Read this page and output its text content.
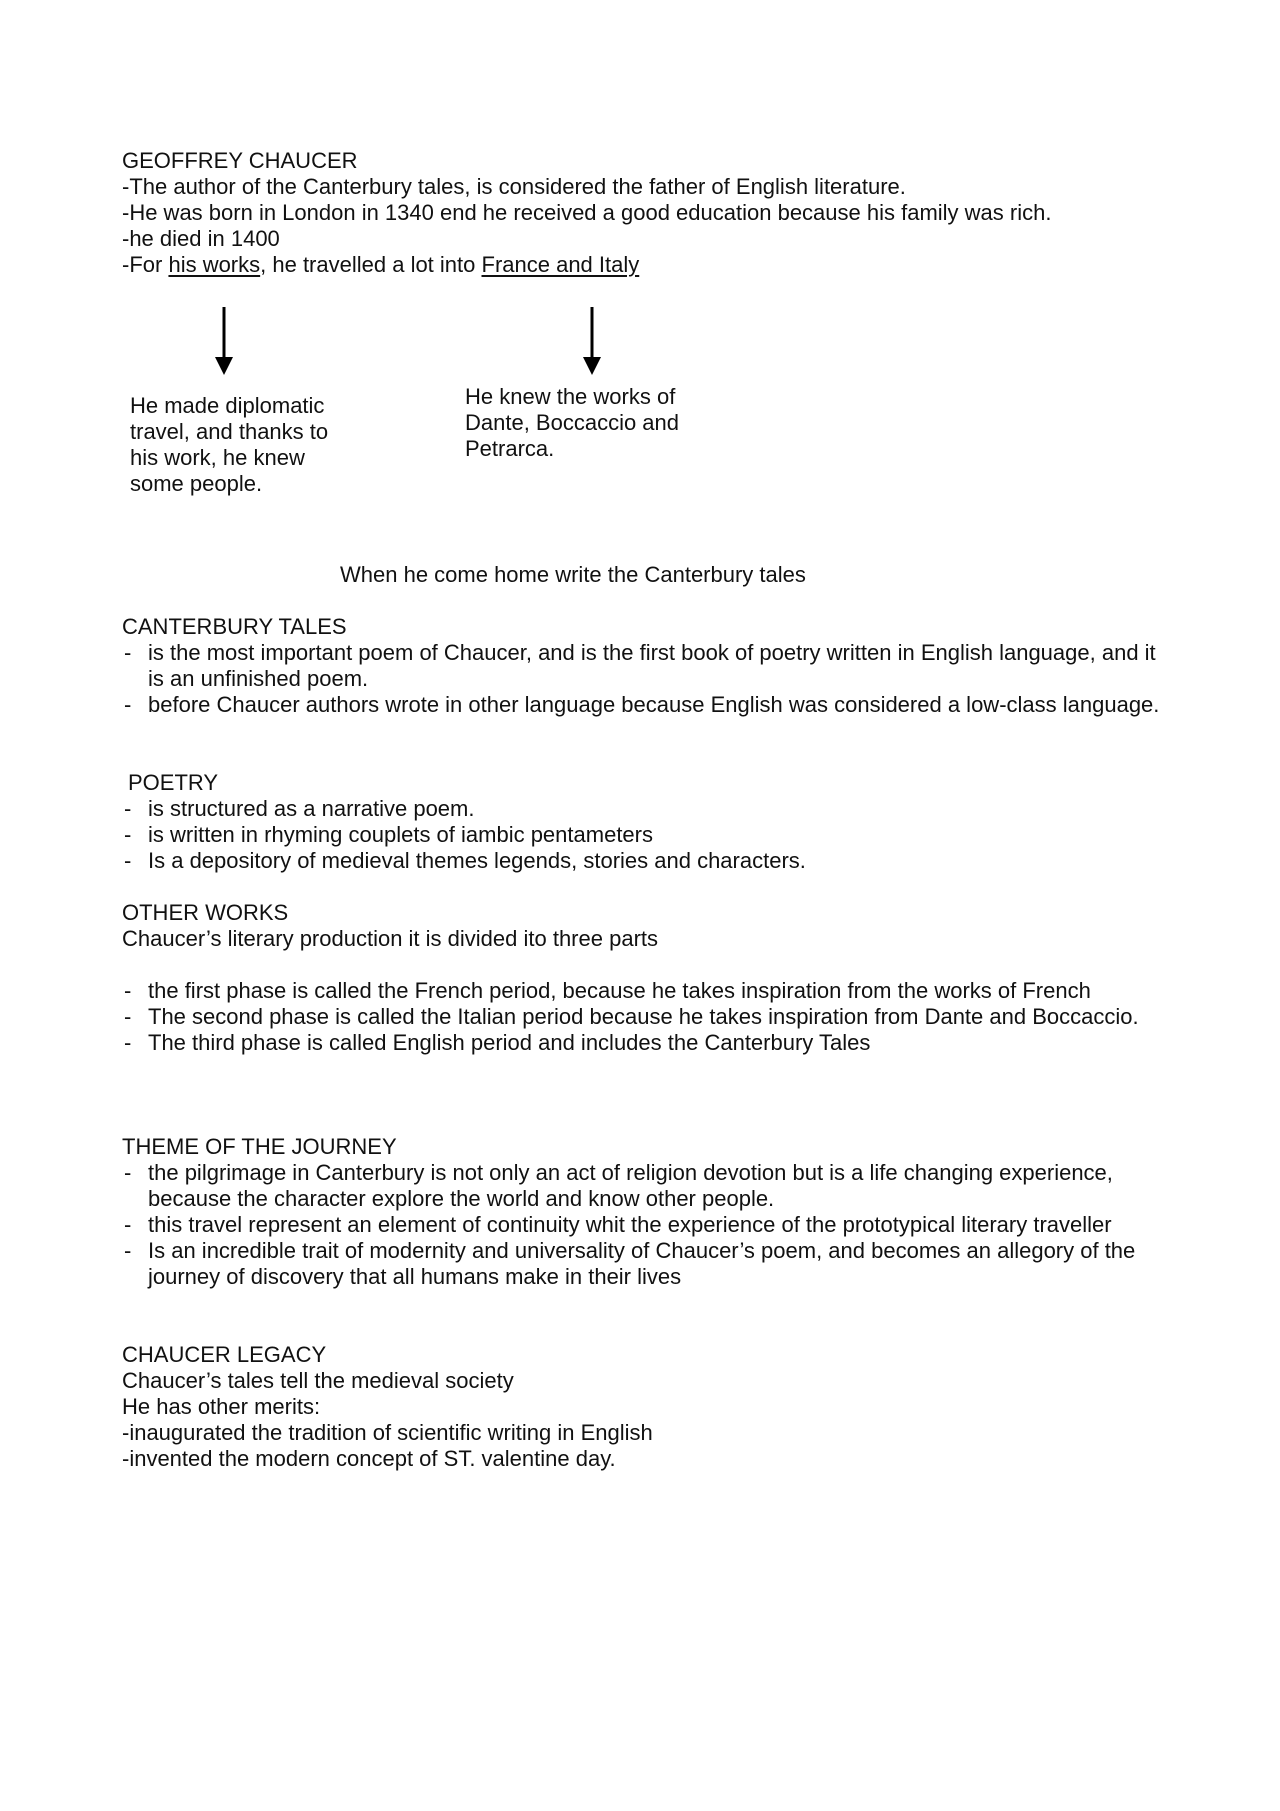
GEOFFREY CHAUCER
-The author of the Canterbury tales, is considered the father of English literature.
-He was born in London in 1340 end he received a good education because his family was rich.
-he died in 1400
-For his works, he travelled a lot into France and Italy
He made diplomatic
travel, and thanks to
his work, he knew
some people.
He knew the works of
Dante, Boccaccio and
Petrarca.
When he come home write the Canterbury tales
CANTERBURY TALES
- is the most important poem of Chaucer, and is the first book of poetry written in English language, and it is an unfinished poem.
- before Chaucer authors wrote in other language because English was considered a low-class language.
POETRY
- is structured as a narrative poem.
- is written in rhyming couplets of iambic pentameters
- Is a depository of medieval themes legends, stories and characters.
OTHER WORKS
Chaucer’s literary production it is divided ito three parts
- the first phase is called the French period, because he takes inspiration from the works of French
- The second phase is called the Italian period because he takes inspiration from Dante and Boccaccio.
- The third phase is called English period and includes the Canterbury Tales
THEME OF THE JOURNEY
- the pilgrimage in Canterbury is not only an act of religion devotion but is a life changing experience, because the character explore the world and know other people.
- this travel represent an element of continuity whit the experience of the prototypical literary traveller
- Is an incredible trait of modernity and universality of Chaucer’s poem, and becomes an allegory of the journey of discovery that all humans make in their lives
CHAUCER LEGACY
Chaucer’s tales tell the medieval society
He has other merits:
-inaugurated the tradition of scientific writing in English
-invented the modern concept of ST. valentine day.
